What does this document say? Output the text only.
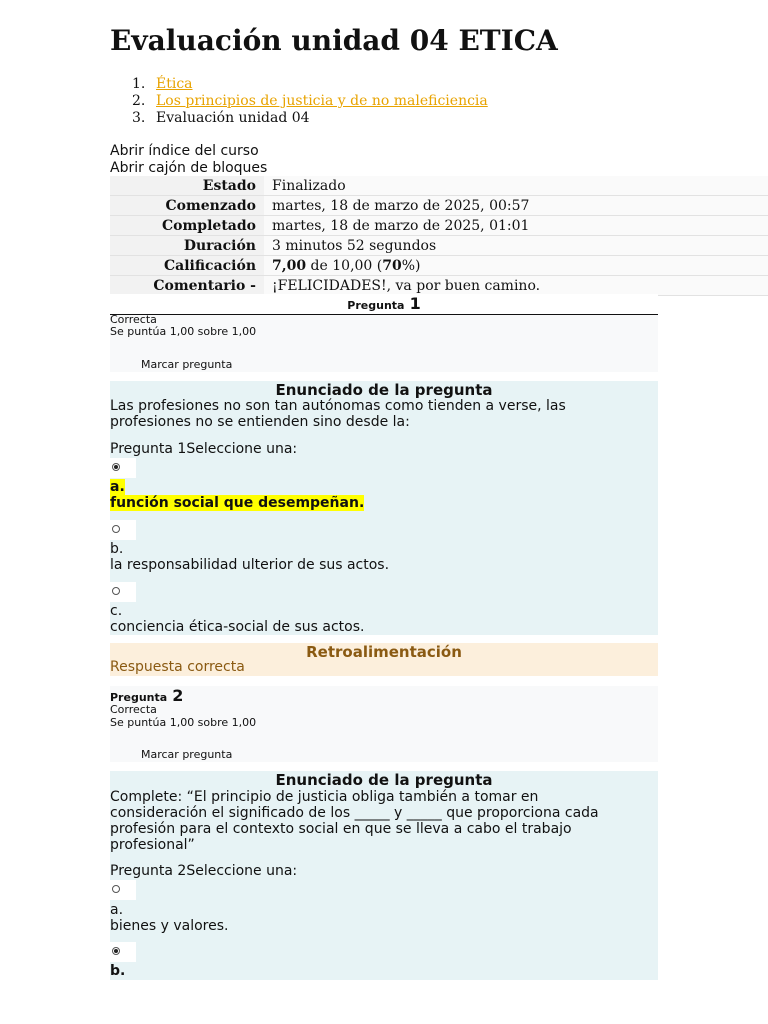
Evaluación unidad 04 ETICA
1. Ética
2. Los principios de justicia y de no maleficiencia
3. Evaluación unidad 04
Abrir índice del curso
Abrir cajón de bloques
Estado	Finalizado
Comenzado	martes, 18 de marzo de 2025, 00:57
Completado	martes, 18 de marzo de 2025, 01:01
Duración	3 minutos 52 segundos
Calificación	7,00 de 10,00 (70%)
Comentario -	¡FELICIDADES!, va por buen camino.
Pregunta 1
Correcta
Se puntúa 1,00 sobre 1,00
Marcar pregunta
Enunciado de la pregunta
Las profesiones no son tan autónomas como tienden a verse, las profesiones no se entienden sino desde la:
Pregunta 1Seleccione una:
a.
función social que desempeñan.
b.
la responsabilidad ulterior de sus actos.
c.
conciencia ética-social de sus actos.
Retroalimentación
Respuesta correcta
Pregunta 2
Correcta
Se puntúa 1,00 sobre 1,00
Marcar pregunta
Enunciado de la pregunta
Complete: “El principio de justicia obliga también a tomar en consideración el significado de los _____ y _____ que proporciona cada profesión para el contexto social en que se lleva a cabo el trabajo profesional”
Pregunta 2Seleccione una:
a.
bienes y valores.
b.
